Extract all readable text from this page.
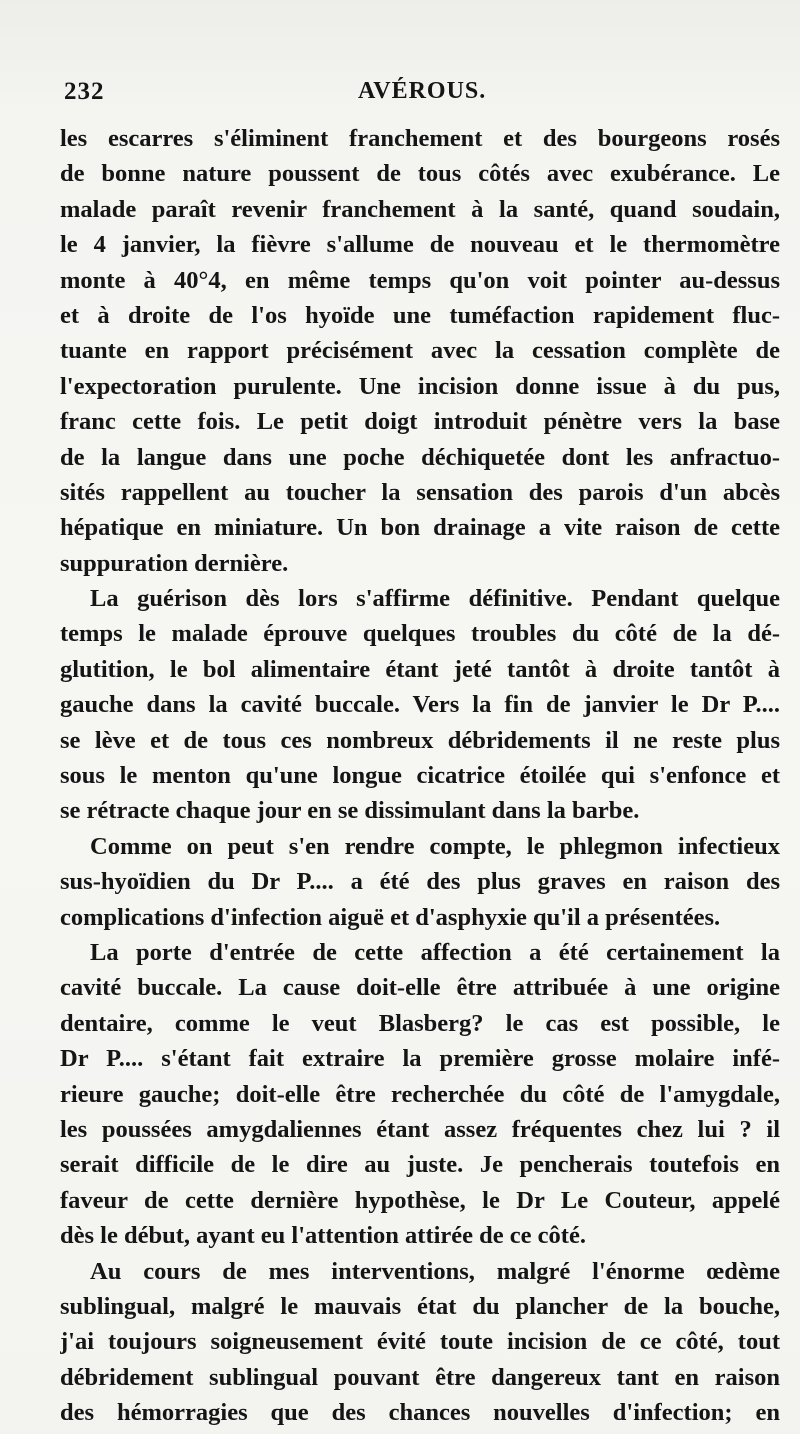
232	AVÉROUS.
les escarres s'éliminent franchement et des bourgeons rosés
de bonne nature poussent de tous côtés avec exubérance. Le
malade paraît revenir franchement à la santé, quand soudain,
le 4 janvier, la fièvre s'allume de nouveau et le thermomètre
monte à 40°4, en même temps qu'on voit pointer au-dessus
et à droite de l'os hyoïde une tuméfaction rapidement fluc-
tuante en rapport précisément avec la cessation complète de
l'expectoration purulente. Une incision donne issue à du pus,
franc cette fois. Le petit doigt introduit pénètre vers la base
de la langue dans une poche déchiquetée dont les anfractuo-
sités rappellent au toucher la sensation des parois d'un abcès
hépatique en miniature. Un bon drainage a vite raison de cette
suppuration dernière.
La guérison dès lors s'affirme définitive. Pendant quelque
temps le malade éprouve quelques troubles du côté de la dé-
glutition, le bol alimentaire étant jeté tantôt à droite tantôt à
gauche dans la cavité buccale. Vers la fin de janvier le Dr P....
se lève et de tous ces nombreux débridements il ne reste plus
sous le menton qu'une longue cicatrice étoilée qui s'enfonce et
se rétracte chaque jour en se dissimulant dans la barbe.
Comme on peut s'en rendre compte, le phlegmon infectieux
sus-hyoïdien du Dr P.... a été des plus graves en raison des
complications d'infection aiguë et d'asphyxie qu'il a présentées.
La porte d'entrée de cette affection a été certainement la
cavité buccale. La cause doit-elle être attribuée à une origine
dentaire, comme le veut Blasberg? le cas est possible, le
Dr P.... s'étant fait extraire la première grosse molaire infé-
rieure gauche; doit-elle être recherchée du côté de l'amygdale,
les poussées amygdaliennes étant assez fréquentes chez lui ? il
serait difficile de le dire au juste. Je pencherais toutefois en
faveur de cette dernière hypothèse, le Dr Le Couteur, appelé
dès le début, ayant eu l'attention attirée de ce côté.
Au cours de mes interventions, malgré l'énorme œdème
sublingual, malgré le mauvais état du plancher de la bouche,
j'ai toujours soigneusement évité toute incision de ce côté, tout
débridement sublingual pouvant être dangereux tant en raison
des hémorragies que des chances nouvelles d'infection; en
